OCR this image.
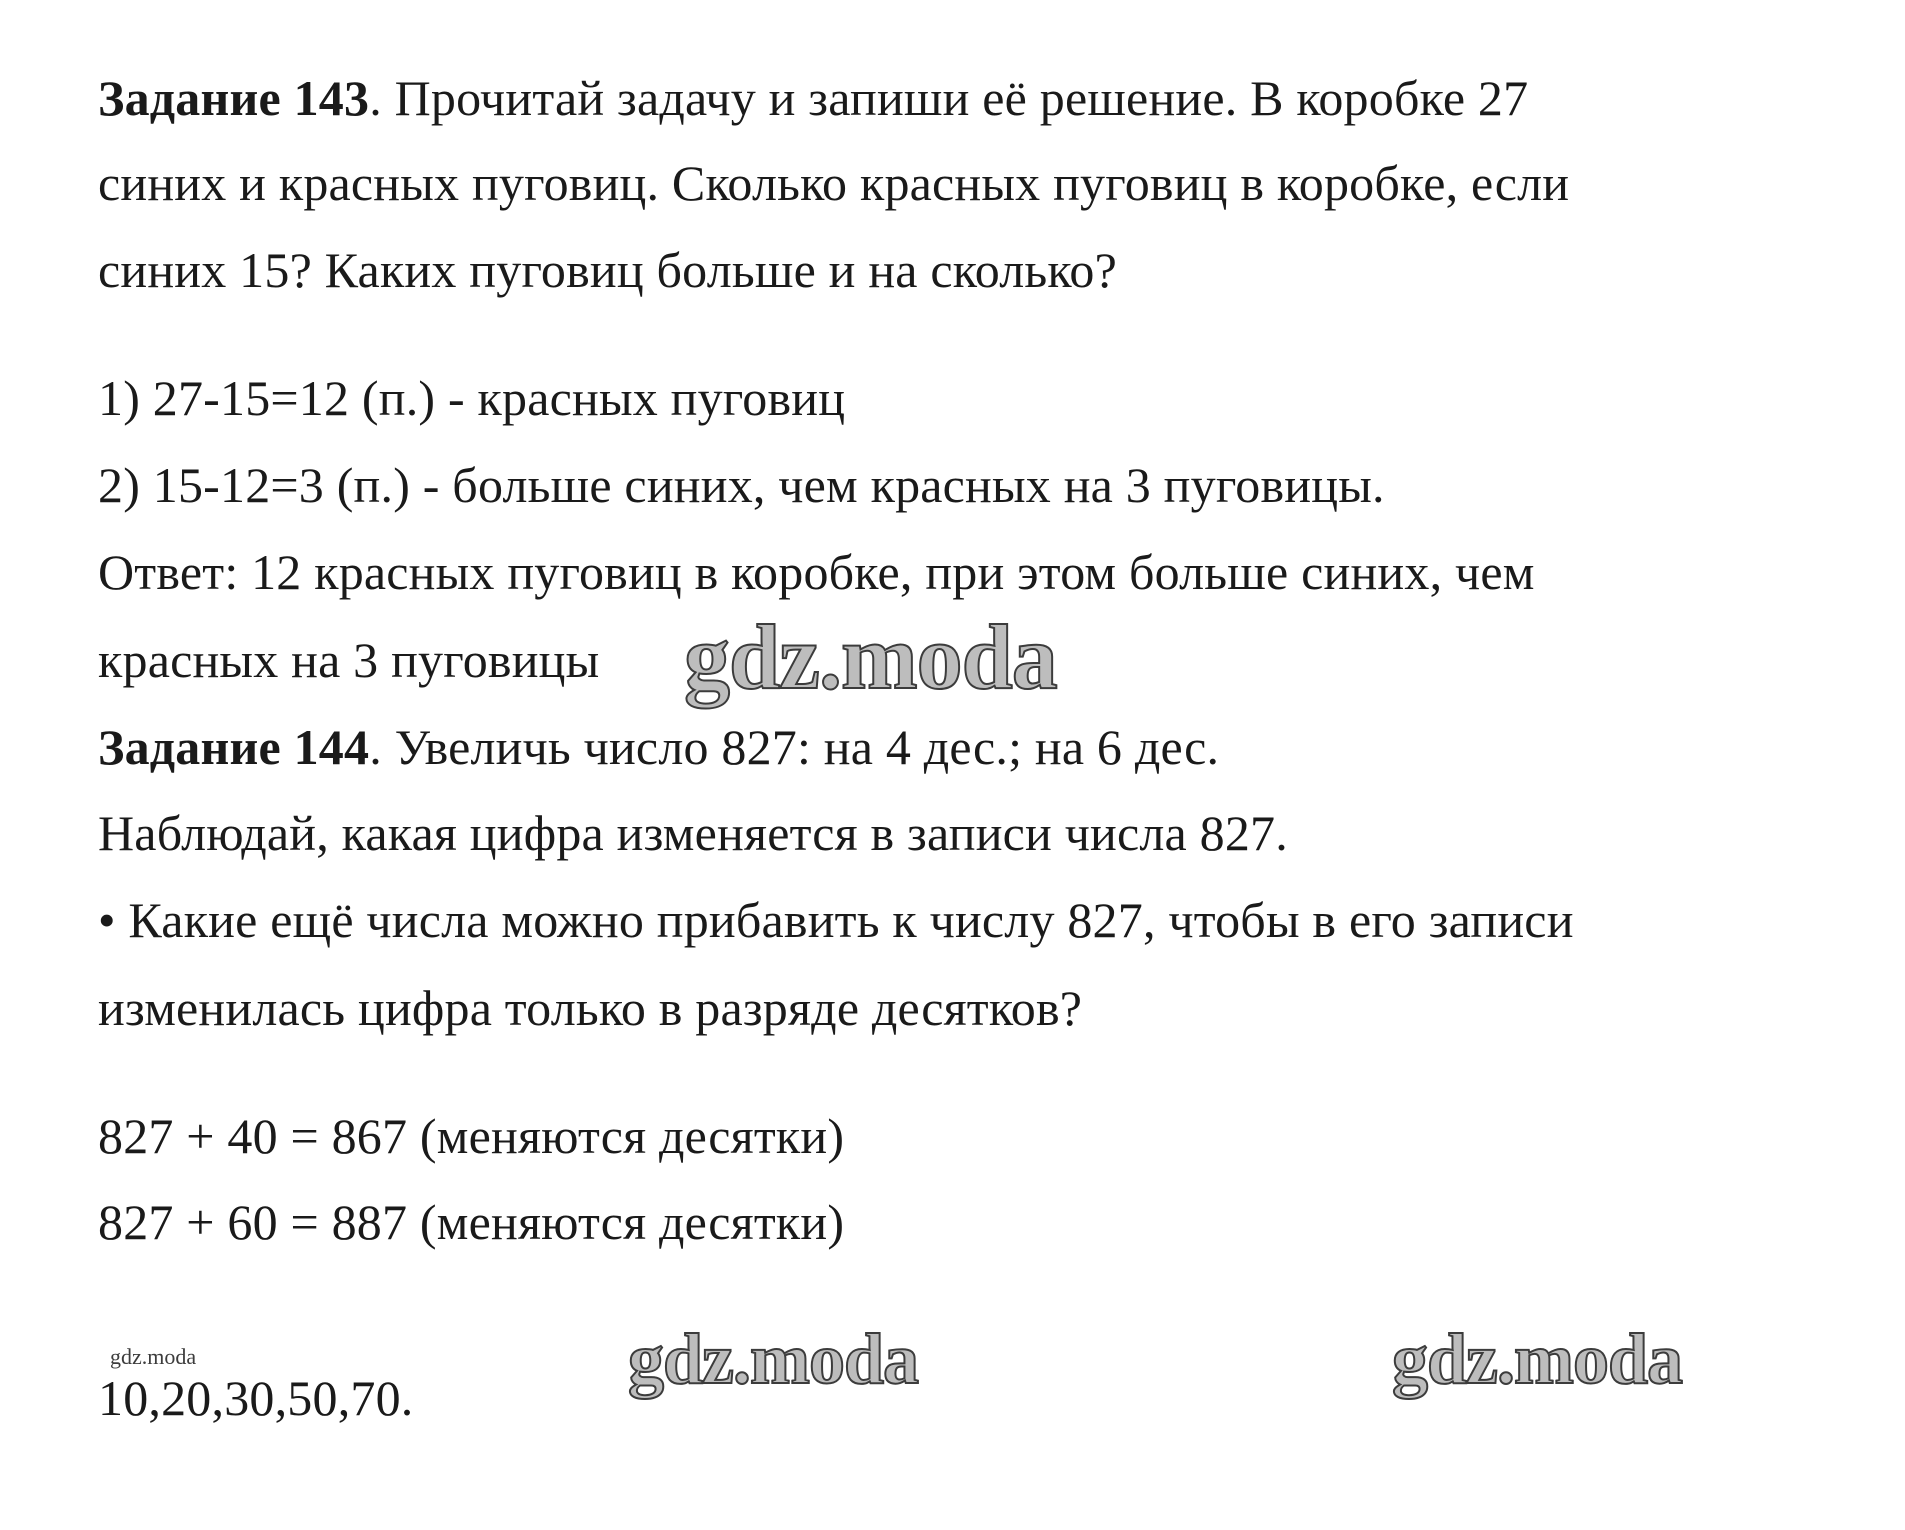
Задание 143. Прочитай задачу и запиши её решение. В коробке 27
синих и красных пуговиц. Сколько красных пуговиц в коробке, если
синих 15? Каких пуговиц больше и на сколько?
1) 27-15=12 (п.) - красных пуговиц
2) 15-12=3 (п.) - больше синих, чем красных на 3 пуговицы.
Ответ: 12 красных пуговиц в коробке, при этом больше синих, чем
красных на 3 пуговицы gdz.moda
Задание 144. Увеличь число 827: на 4 дес.; на 6 дес.
Наблюдай, какая цифра изменяется в записи числа 827.
• Какие ещё числа можно прибавить к числу 827, чтобы в его записи
изменилась цифра только в разряде десятков?
827 + 40 = 867 (меняются десятки)
827 + 60 = 887 (меняются десятки)
gdz.moda
10,20,30,50,70.	gdz.moda	gdz.moda
